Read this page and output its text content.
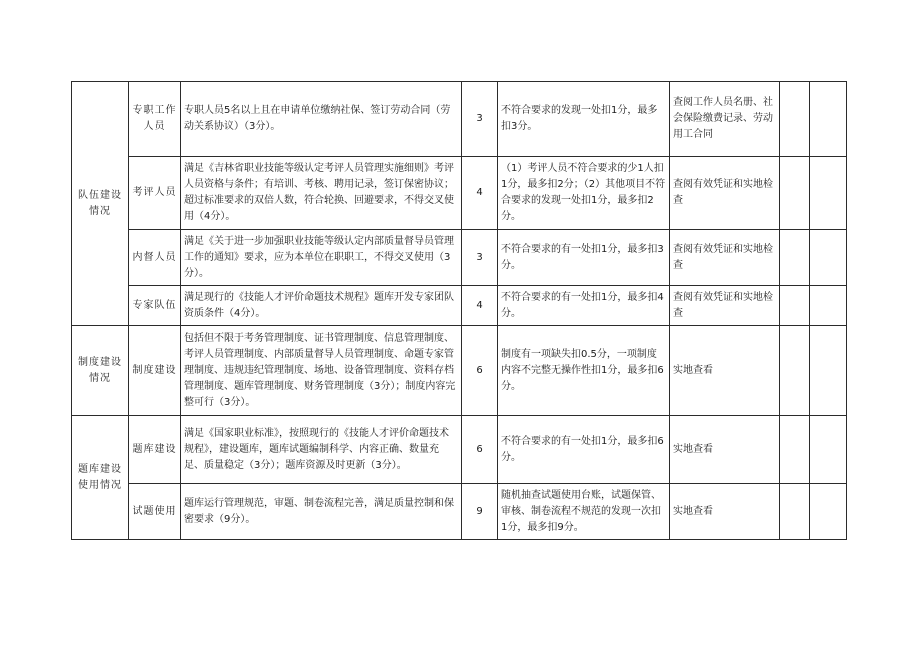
队伍建设情况	专职工作人员	专职人员5名以上且在申请单位缴纳社保、签订劳动合同（劳动关系协议）（3分）。	3	不符合要求的发现一处扣1分，最多扣3分。	查阅工作人员名册、社会保险缴费记录、劳动用工合同		
	考评人员	满足《吉林省职业技能等级认定考评人员管理实施细则》考评人员资格与条件；有培训、考核、聘用记录，签订保密协议；超过标准要求的双倍人数，符合轮换、回避要求，不得交叉使用（4分）。	4	（1）考评人员不符合要求的少1人扣1分，最多扣2分；（2）其他项目不符合要求的发现一处扣1分，最多扣2分。	查阅有效凭证和实地检查		
	内督人员	满足《关于进一步加强职业技能等级认定内部质量督导员管理工作的通知》要求，应为本单位在职职工，不得交叉使用（3分）。	3	不符合要求的有一处扣1分，最多扣3分。	查阅有效凭证和实地检查		
	专家队伍	满足现行的《技能人才评价命题技术规程》题库开发专家团队资质条件（4分）。	4	不符合要求的有一处扣1分，最多扣4分。	查阅有效凭证和实地检查		
制度建设情况	制度建设	包括但不限于考务管理制度、证书管理制度、信息管理制度、考评人员管理制度、内部质量督导人员管理制度、命题专家管理制度、违规违纪管理制度、场地、设备管理制度、资料存档管理制度、题库管理制度、财务管理制度（3分）；制度内容完整可行（3分）。	6	制度有一项缺失扣0.5分，一项制度内容不完整无操作性扣1分，最多扣6分。	实地查看		
题库建设使用情况	题库建设	满足《国家职业标准》，按照现行的《技能人才评价命题技术规程》，建设题库，题库试题编制科学、内容正确、数量充足、质量稳定（3分）；题库资源及时更新（3分）。	6	不符合要求的有一处扣1分，最多扣6分。	实地查看		
	试题使用	题库运行管理规范，审题、制卷流程完善，满足质量控制和保密要求（9分）。	9	随机抽查试题使用台账，试题保管、审核、制卷流程不规范的发现一次扣1分，最多扣9分。	实地查看		
